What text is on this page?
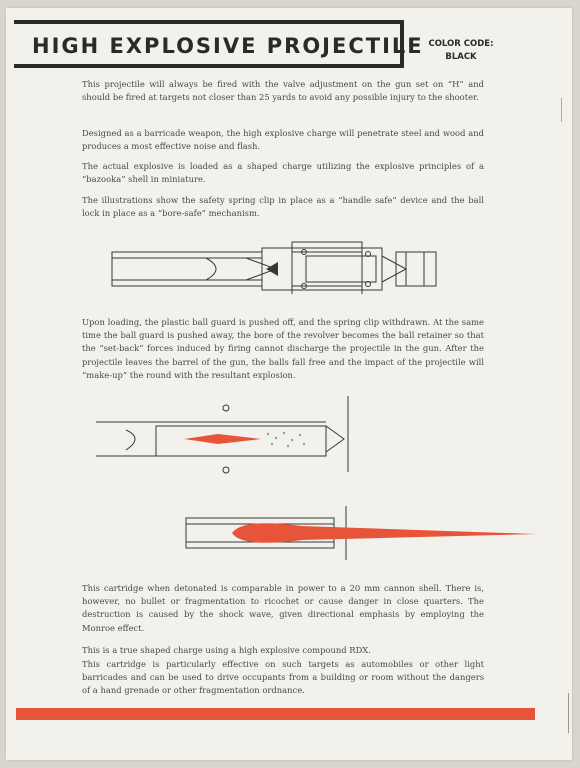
HIGH EXPLOSIVE PROJECTILE COLOR CODE:
BLACK
This projectile will always be fired with the valve adjustment on the gun set on “H” and should be fired at targets not closer than 25 yards to avoid any possible injury to the shooter.
Designed as a barricade weapon, the high explosive charge will penetrate steel and wood and produces a most effective noise and flash.
The actual explosive is loaded as a shaped charge utilizing the explosive principles of a “bazooka” shell in miniature.
The illustrations show the safety spring clip in place as a “handle safe” device and the ball lock in place as a “bore-safe” mechanism.
Upon loading, the plastic ball guard is pushed off, and the spring clip withdrawn. At the same time the ball guard is pushed away, the bore of the revolver becomes the ball retainer so that the “set-back” forces induced by firing cannot discharge the projectile in the gun. After the projectile leaves the barrel of the gun, the balls fall free and the impact of the projectile will “make-up” the round with the resultant explosion.
This cartridge when detonated is comparable in power to a 20 mm cannon shell. There is, however, no bullet or fragmentation to ricochet or cause danger in close quarters. The destruction is caused by the shock wave, given directional emphasis by employing the Monroe effect.
This is a true shaped charge using a high explosive compound RDX.
This cartridge is particularly effective on such targets as automobiles or other light barricades and can be used to drive occupants from a building or room without the dangers of a hand grenade or other fragmentation ordnance.
